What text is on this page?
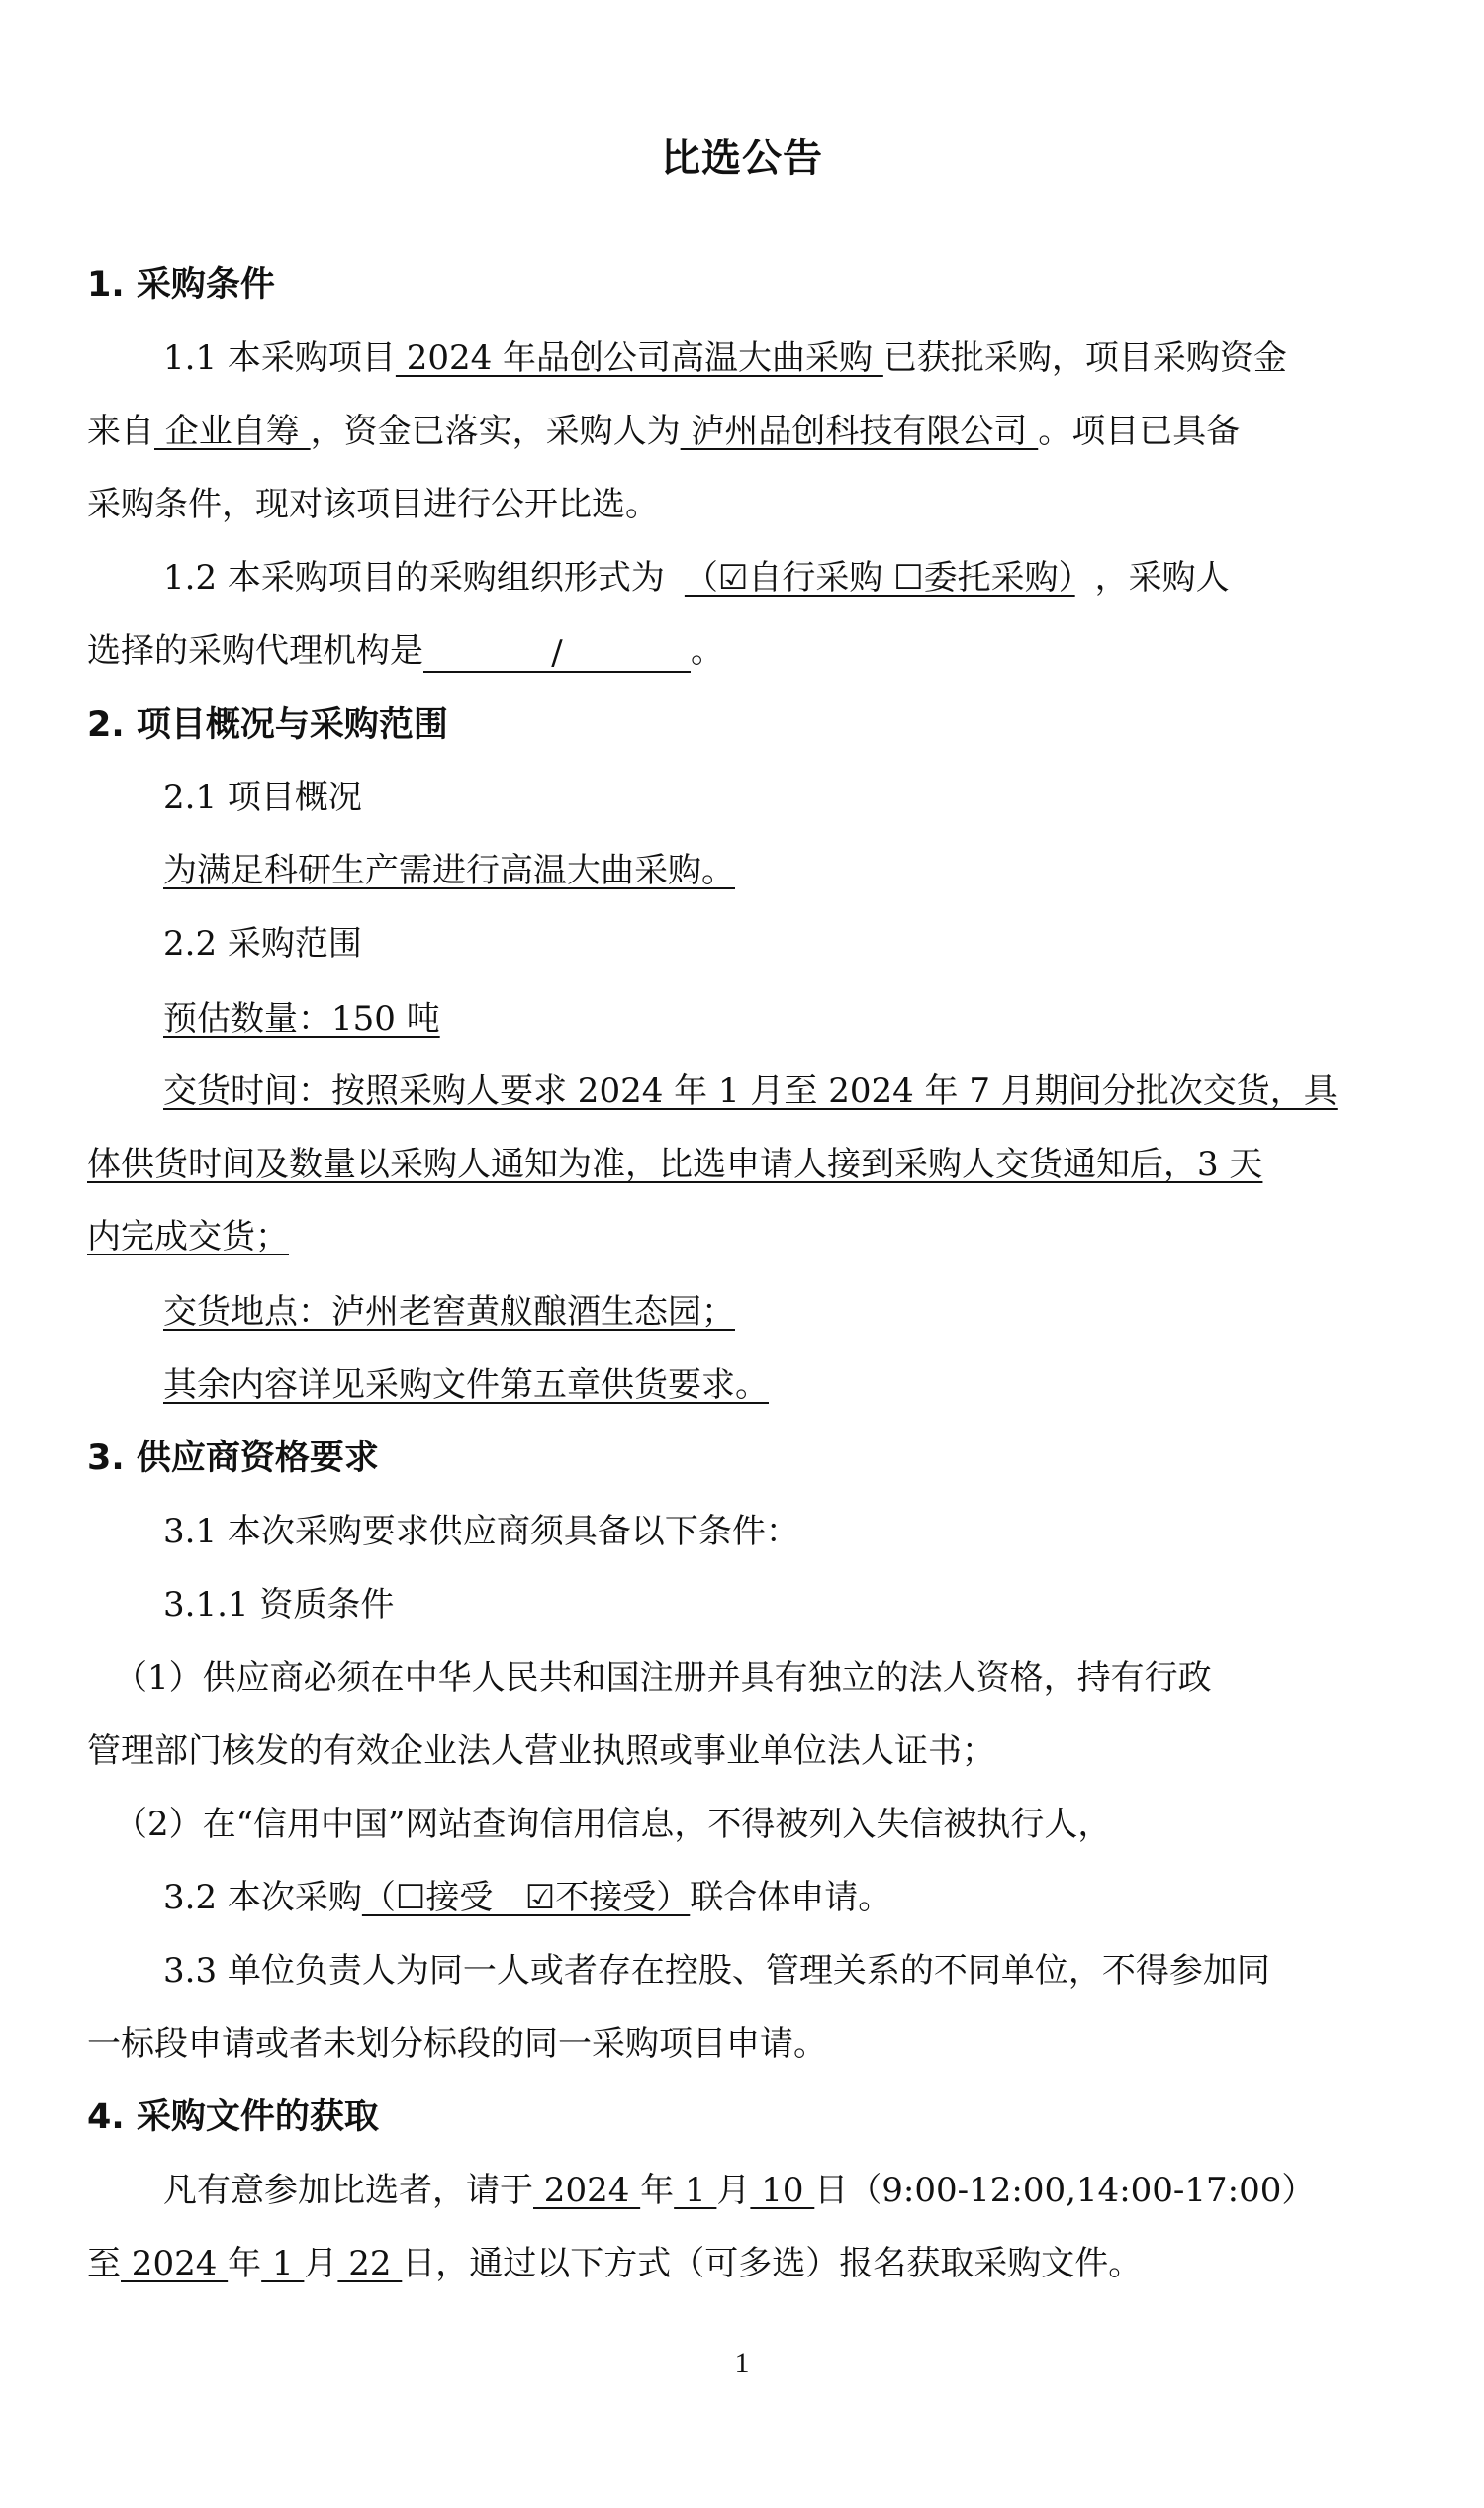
比选公告
1. 采购条件
1.1 本采购项目 2024 年品创公司高温大曲采购 已获批采购，项目采购资金
来自 企业自筹 ，资金已落实，采购人为 泸州品创科技有限公司 。项目已具备
采购条件，现对该项目进行公开比选。
1.2 本采购项目的采购组织形式为 （☑自行采购 ☐委托采购） ，采购人
选择的采购代理机构是	/	。
2. 项目概况与采购范围
2.1 项目概况
为满足科研生产需进行高温大曲采购。
2.2 采购范围
预估数量：150 吨
交货时间：按照采购人要求 2024 年 1 月至 2024 年 7 月期间分批次交货，具
体供货时间及数量以采购人通知为准，比选申请人接到采购人交货通知后，3 天
内完成交货；
交货地点：泸州老窖黄舣酿酒生态园；
其余内容详见采购文件第五章供货要求。
3. 供应商资格要求
3.1 本次采购要求供应商须具备以下条件：
3.1.1 资质条件
（1）供应商必须在中华人民共和国注册并具有独立的法人资格，持有行政
管理部门核发的有效企业法人营业执照或事业单位法人证书；
（2）在“信用中国”网站查询信用信息，不得被列入失信被执行人，
3.2 本次采购（☐接受   ☑不接受）联合体申请。
3.3 单位负责人为同一人或者存在控股、管理关系的不同单位，不得参加同
一标段申请或者未划分标段的同一采购项目申请。
4. 采购文件的获取
凡有意参加比选者，请于 2024 年 1 月 10 日（9:00-12:00,14:00-17:00）
至 2024 年 1 月 22 日，通过以下方式（可多选）报名获取采购文件。
1
